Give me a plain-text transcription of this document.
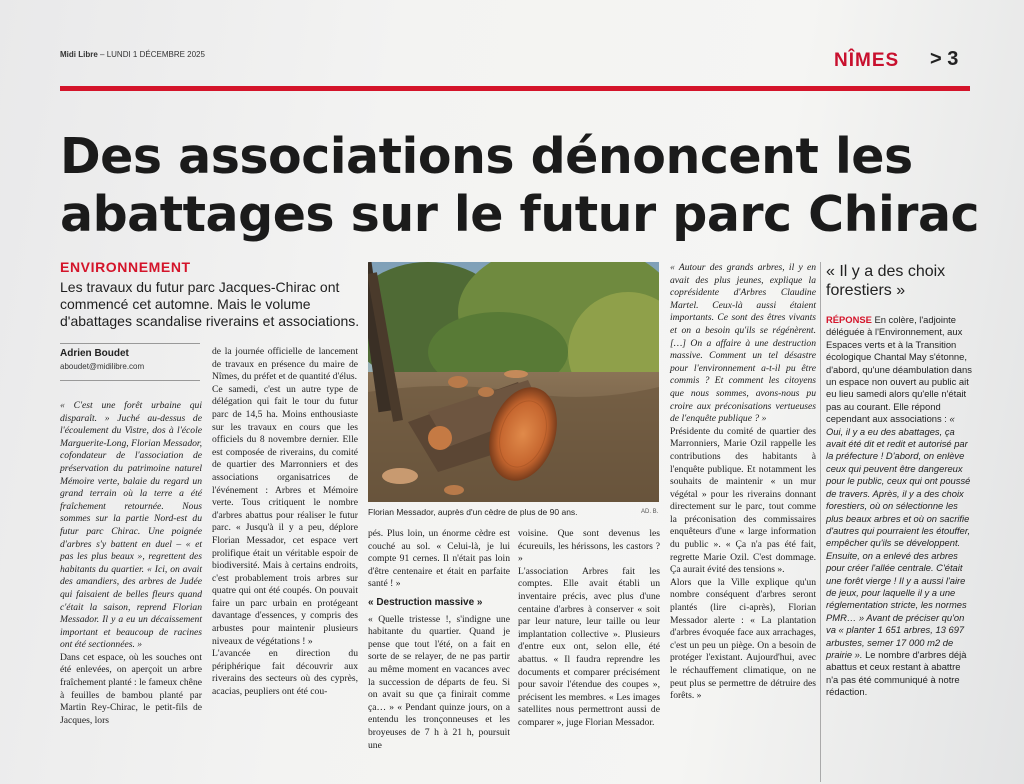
Midi Libre – LUNDI 1 DÉCEMBRE 2025	NÎMES > 3
Des associations dénoncent les abattages sur le futur parc Chirac
ENVIRONNEMENT
Les travaux du futur parc Jacques-Chirac ont commencé cet automne. Mais le volume d'abattages scandalise riverains et associations.
Adrien Boudet
aboudet@midilibre.com

« C'est une forêt urbaine qui disparaît. » Juché au-dessus de l'écoulement du Vistre, dos à l'école Marguerite-Long, Florian Messador, cofondateur de l'association de préservation du patrimoine naturel Mémoire verte, balaie du regard un grand terrain où la terre a été fraîchement retournée. Nous sommes sur la partie Nord-est du futur parc Chirac. Une poignée d'arbres s'y battent en duel – « et pas les plus beaux », regrettent des habitants du quartier. « Ici, on avait des amandiers, des arbres de Judée qui faisaient de belles fleurs quand c'était la saison, reprend Florian Messador. Il y a eu un décaissement important et beaucoup de racines ont été sectionnées. »

Dans cet espace, où les souches ont été enlevées, on aperçoit un arbre fraîchement planté : le fameux chêne à feuilles de bambou planté par Martin Rey-Chirac, le petit-fils de Jacques, lors

de la journée officielle de lancement de travaux en présence du maire de Nîmes, du préfet et de quantité d'élus.

Ce samedi, c'est un autre type de délégation qui fait le tour du futur parc de 14,5 ha. Moins enthousiaste sur les travaux en cours que les officiels du 8 novembre dernier. Elle est composée de riverains, du comité de quartier des Marronniers et des associations organisatrices de l'événement : Arbres et Mémoire verte. Tous critiquent le nombre d'arbres abattus pour réaliser le futur parc. « Jusqu'à il y a peu, déplore Florian Messador, cet espace vert prolifique était un véritable espoir de biodiversité. Mais à certains endroits, c'est probablement trois arbres sur quatre qui ont été coupés. On pouvait faire un parc urbain en protégeant davantage d'essences, y compris des arbustes pour maintenir plusieurs niveaux de végétations ! »

L'avancée en direction du périphérique fait découvrir aux riverains des secteurs où des cyprès, acacias, peupliers ont été cou-

Florian Messador, auprès d'un cèdre de plus de 90 ans.	AD. B.

pés. Plus loin, un énorme cèdre est couché au sol. « Celui-là, je lui compte 91 cernes. Il n'était pas loin d'être centenaire et était en parfaite santé ! »

« Destruction massive »

« Quelle tristesse !, s'indigne une habitante du quartier. Quand je pense que tout l'été, on a fait en sorte de se relayer, de ne pas partir au même moment en vacances avec la succession de départs de feu. Si on avait su que ça finirait comme ça… » « Pendant quinze jours, on a entendu les tronçonneuses et les broyeuses de 7 h à 21 h, poursuit une

voisine. Que sont devenus les écureuils, les hérissons, les castors ? »

L'association Arbres fait les comptes. Elle avait établi un inventaire précis, avec plus d'une centaine d'arbres à conserver « soit par leur nature, leur taille ou leur implantation collective ». Plusieurs d'entre eux ont, selon elle, été abattus. « Il faudra reprendre les documents et comparer précisément pour savoir l'étendue des coupes », précisent les membres. « Les images satellites nous permettront aussi de comparer », juge Florian Messador.

« Autour des grands arbres, il y en avait des plus jeunes, explique la coprésidente d'Arbres Claudine Martel. Ceux-là aussi étaient importants. Ce sont des êtres vivants et on a besoin qu'ils se régénèrent. […] On a affaire à une destruction massive. Comment un tel désastre pour l'environnement a-t-il pu être commis ? Et comment les citoyens que nous sommes, avons-nous pu croire aux préconisations vertueuses de l'enquête publique ? »

Présidente du comité de quartier des Marronniers, Marie Ozil rappelle les contributions des habitants à l'enquête publique. Et notamment les souhaits de maintenir « un mur végétal » pour les riverains donnant directement sur le parc, tout comme la préconisation des commissaires enquêteurs d'une « large information du public ». « Ça n'a pas été fait, regrette Marie Ozil. C'est dommage. Ça aurait évité des tensions ».

Alors que la Ville explique qu'un nombre conséquent d'arbres seront plantés (lire ci-après), Florian Messador alerte : « La plantation d'arbres évoquée face aux arrachages, c'est un peu un piège. On a besoin de protéger l'existant. Aujourd'hui, avec le réchauffement climatique, on ne peut plus se permettre de détruire des forêts. »

« Il y a des choix forestiers »
RÉPONSE En colère, l'adjointe déléguée à l'Environnement, aux Espaces verts et à la Transition écologique Chantal May s'étonne, d'abord, qu'une déambulation dans un espace non ouvert au public ait eu lieu samedi alors qu'elle n'était pas au courant. Elle répond cependant aux associations : « Oui, il y a eu des abattages, ça avait été dit et redit et autorisé par la préfecture ! D'abord, on enlève ceux qui peuvent être dangereux pour le public, ceux qui ont poussé de travers. Après, il y a des choix forestiers, où on sélectionne les plus beaux arbres et où on sacrifie d'autres qui pourraient les étouffer, empêcher qu'ils se développent. Ensuite, on a enlevé des arbres pour créer l'allée centrale. C'était une forêt vierge ! Il y a aussi l'aire de jeux, pour laquelle il y a une réglementation stricte, les normes PMR… » Avant de préciser qu'on va « planter 1 651 arbres, 13 697 arbustes, semer 17 000 m2 de prairie ». Le nombre d'arbres déjà abattus et ceux restant à abattre n'a pas été communiqué à notre rédaction.
